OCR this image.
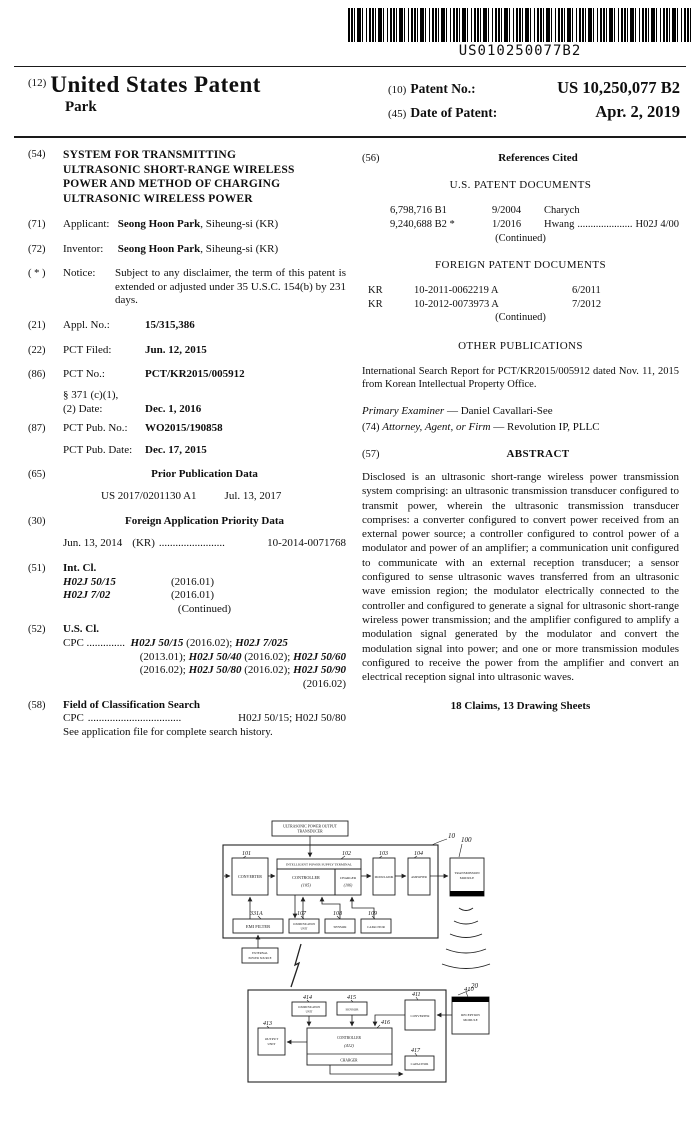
US010250077B2
$^{(12)}$ United States Patent
Park
(10) Patent No.:	US 10,250,077 B2
(45) Date of Patent:	Apr. 2, 2019
(54)	SYSTEM FOR TRANSMITTING ULTRASONIC SHORT-RANGE WIRELESS POWER AND METHOD OF CHARGING ULTRASONIC WIRELESS POWER
(71)	Applicant: Seong Hoon Park, Siheung-si (KR)
(72)	Inventor: Seong Hoon Park, Siheung-si (KR)
( * )	Notice:	Subject to any disclaimer, the term of this patent is extended or adjusted under 35 U.S.C. 154(b) by 231 days.
(21)	Appl. No.:	15/315,386
(22)	PCT Filed:	Jun. 12, 2015
(86)	PCT No.:	PCT/KR2015/005912
§ 371 (c)(1),
(2) Date:	Dec. 1, 2016
(87)	PCT Pub. No.:	WO2015/190858
PCT Pub. Date:	Dec. 17, 2015
(65)	Prior Publication Data
US 2017/0201130 A1	Jul. 13, 2017
(30)	Foreign Application Priority Data
Jun. 13, 2014 (KR) ........................	10-2014-0071768
(51)	Int. Cl.
H02J 50/15	(2016.01)
H02J 7/02	(2016.01)
(Continued)
(52)	U.S. Cl.
CPC .............. H02J 50/15 (2016.02); H02J 7/025
(2013.01); H02J 50/40 (2016.02); H02J 50/60
(2016.02); H02J 50/80 (2016.02); H02J 50/90
(2016.02)
(58)	Field of Classification Search
CPC ..................................	H02J 50/15; H02J 50/80
See application file for complete search history.
(56)	References Cited
U.S. PATENT DOCUMENTS
6,798,716 B1	9/2004	Charych
9,240,688 B2 *	1/2016	Hwang ..................... H02J 4/00
(Continued)
FOREIGN PATENT DOCUMENTS
KR	10-2011-0062219 A	6/2011
KR	10-2012-0073973 A	7/2012
(Continued)
OTHER PUBLICATIONS
International Search Report for PCT/KR2015/005912 dated Nov. 11, 2015 from Korean Intellectual Property Office.
Primary Examiner — Daniel Cavallari-See
(74) Attorney, Agent, or Firm — Revolution IP, PLLC
(57)	ABSTRACT
Disclosed is an ultrasonic short-range wireless power transmission system comprising: an ultrasonic transmission transducer configured to transmit power, wherein the ultrasonic transmission transducer comprises: a converter configured to convert power received from an external power source; a controller configured to control power of a modulator and power of an amplifier; a communication unit configured to communicate with an external reception transducer; a sensor configured to sense ultrasonic waves transferred from an ultrasonic wave emission region; the modulator electrically connected to the controller and configured to generate a signal for ultrasonic short-range wireless power transmission; and the amplifier configured to amplify a modulation signal generated by the modulator and convert the modulation signal into power; and one or more transmission modules configured to receive the power from the amplifier and convert an electrical reception signal into ultrasonic waves.
18 Claims, 13 Drawing Sheets
ULTRASONIC POWER OUTPUT
TRANSDUCER
10
101
CONVERTER
102
INTELLIGENT POWER SUPPLY TERMINAL
CONTROLLER
(105)
CHARGER
(106)
103
MODULATOR
104
AMPLIFIER
100
TRANSMISSION
MODULE
331A
EMI FILTER
107
COMMUNICATION
UNIT
108
SENSOR
109
CAPACITOR
EXTERNAL
POWER SOURCE
20
414
COMMUNICATION
UNIT
415
SENSOR
411
CONVERTER
410
RECEPTION
MODULE
413
OUTPUT
UNIT
416
CONTROLLER
(412)
CHARGER
417
CAPACITOR
